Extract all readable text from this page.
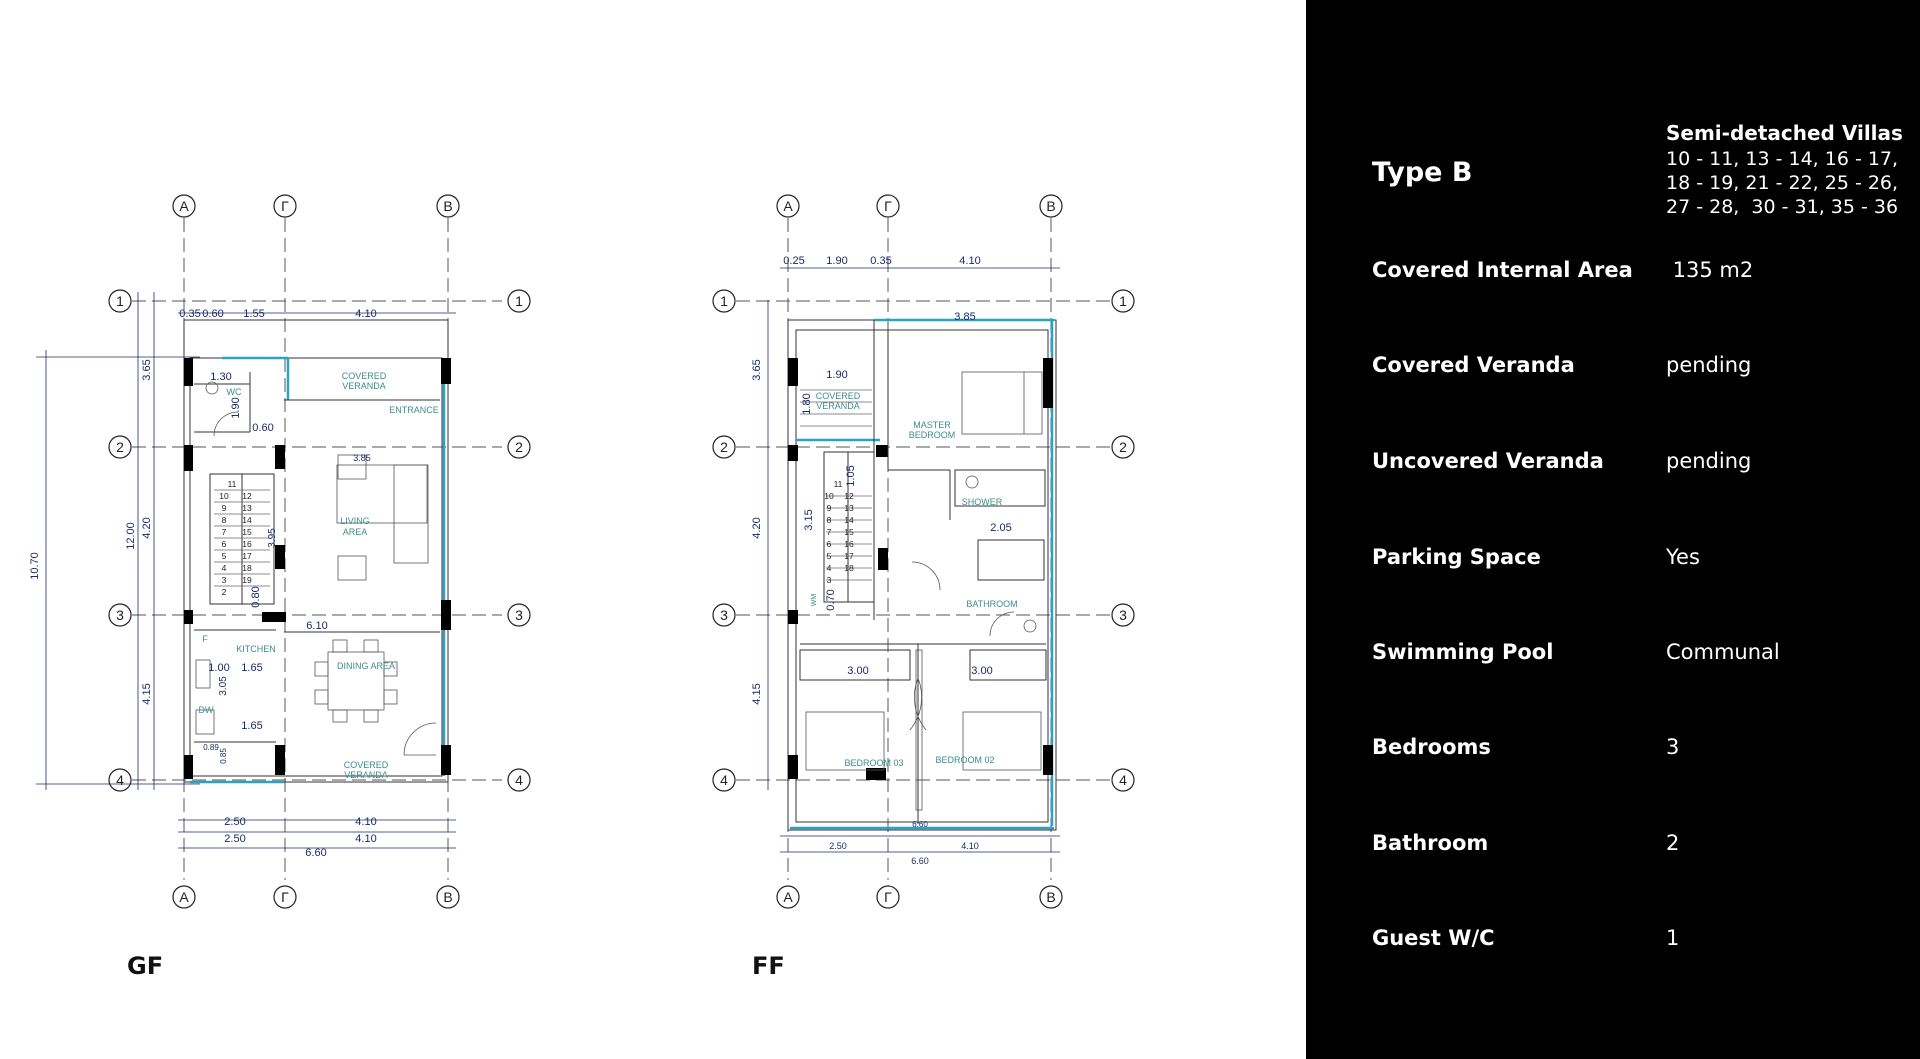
A	Γ	B
A	Γ	B
1
2
3
4
1
2
3
4
11
10
9
8
7
6
5
4
3
2
12
13
14
15
16
17
18
19
COVERED
VERANDA
ENTRANCE
WC
LIVING
AREA
KITCHEN
DINING AREA
COVERED
VERANDA
F
DW
1.30
1.90
0.60
3.85
3.95
0.80
6.10
1.00 1.65
3.05
1.65
0.89
0.85
0.35 0.60 1.55	4.10
2.50	4.10
2.50	4.10
6.60
3.65
4.20
4.15
12.00
10.70
A	Γ	B
A	Γ	B
1
2
3
4
1
2
3
4
11
10
9
8
7
6
5
4
3
12
13
14
15
16
17
18
COVERED
VERANDA
MASTER
BEDROOM
SHOWER
BATHROOM
BEDROOM 03	BEDROOM 02
WM
3.85
1.90
1.80
3.15
1.05
0.70
2.05
3.00	3.00
0.25 1.90 0.35	4.10
2.50	4.10
6.60
6.60
3.65
4.20
4.15
GF	FF
Type B
Semi-detached Villas
10 - 11, 13 - 14, 16 - 17,
18 - 19, 21 - 22, 25 - 26,
27 - 28,  30 - 31, 35 - 36
Covered Internal Area 135 m2
Covered Veranda	pending
Uncovered Veranda	pending
Parking Space	Yes
Swimming Pool	Communal
Bedrooms	3
Bathroom	2
Guest W/C	1
